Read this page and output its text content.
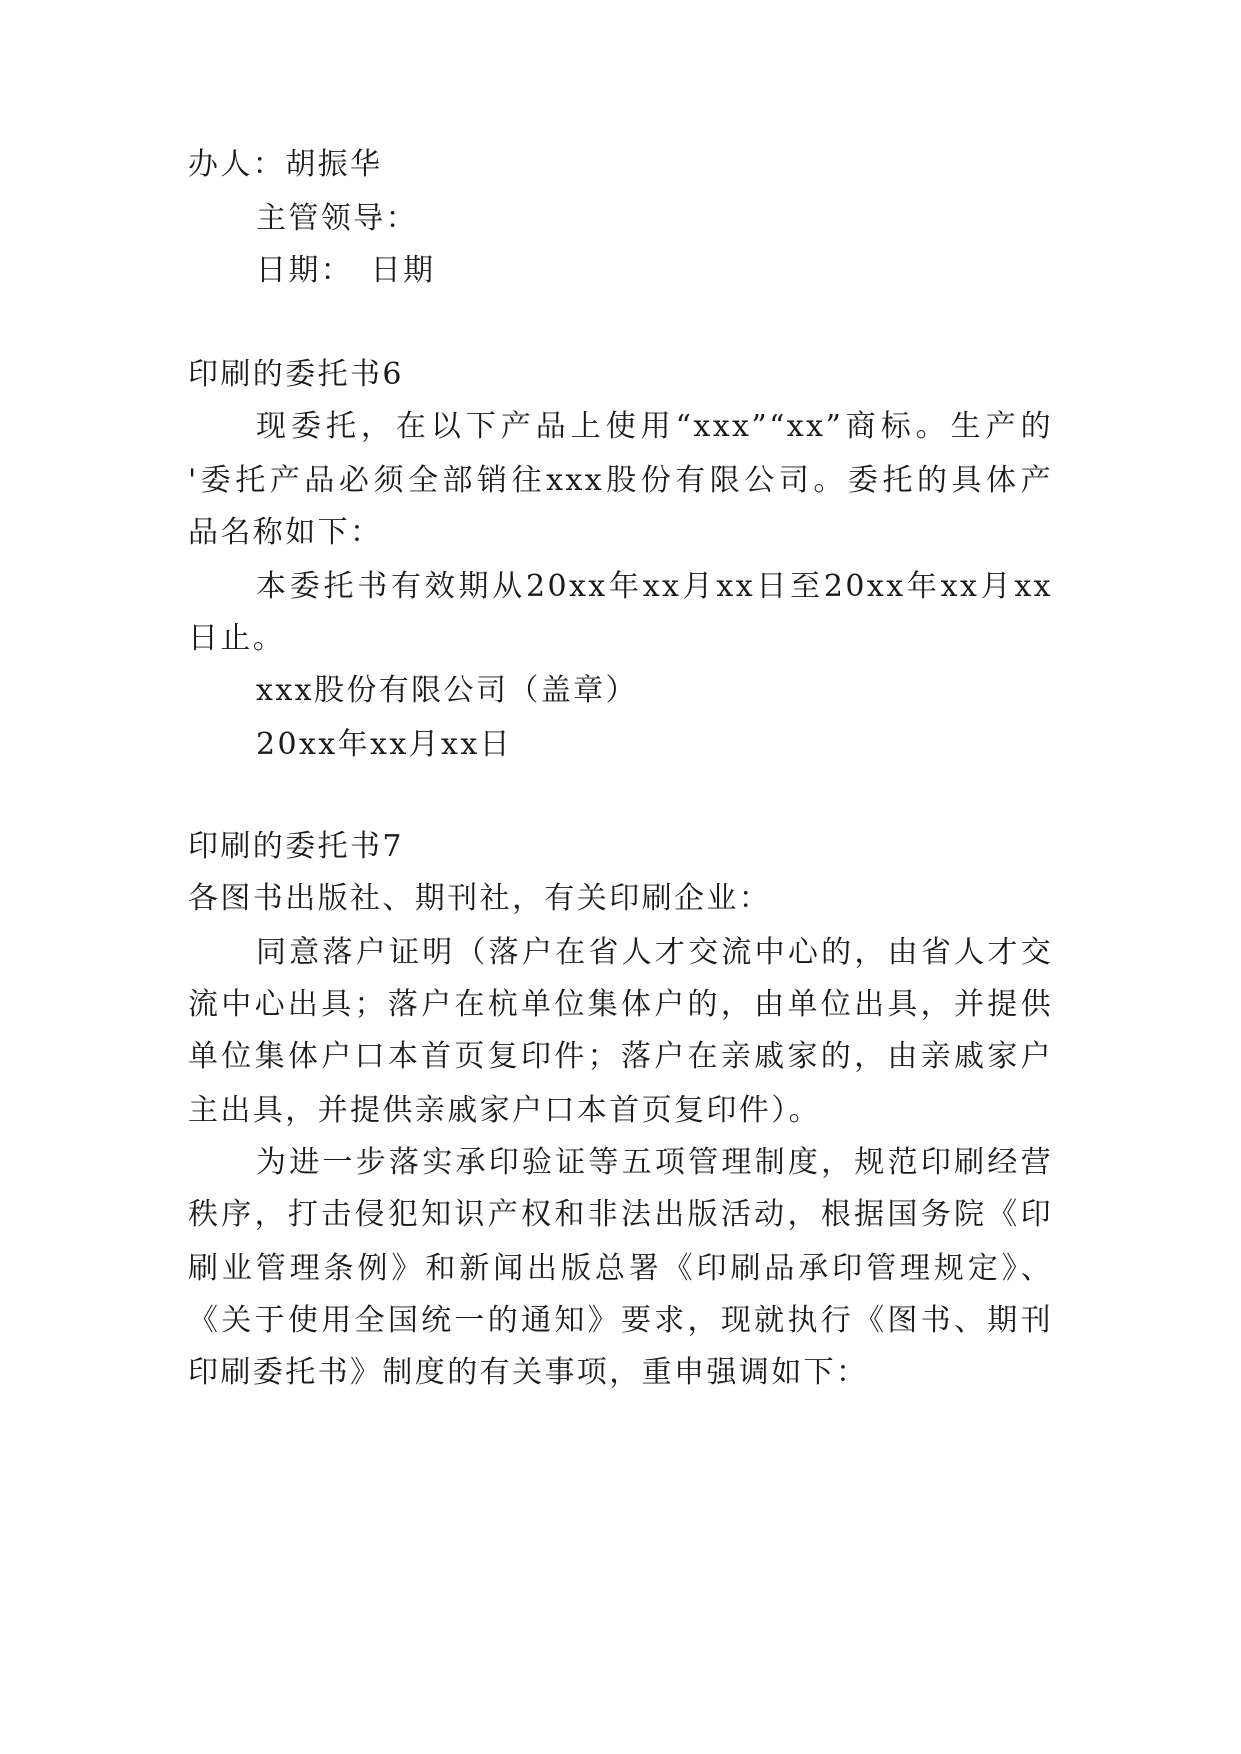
办人：胡振华
主管领导：
日期：　日期
印刷的委托书6
现委托，在以下产品上使用“xxx”“xx”商标。生产的
'委托产品必须全部销往xxx股份有限公司。委托的具体产
品名称如下：
本委托书有效期从20xx年xx月xx日至20xx年xx月xx
日止。
xxx股份有限公司（盖章）
20xx年xx月xx日
印刷的委托书7
各图书出版社、期刊社，有关印刷企业：
同意落户证明（落户在省人才交流中心的，由省人才交
流中心出具；落户在杭单位集体户的，由单位出具，并提供
单位集体户口本首页复印件；落户在亲戚家的，由亲戚家户
主出具，并提供亲戚家户口本首页复印件）。
为进一步落实承印验证等五项管理制度，规范印刷经营
秩序，打击侵犯知识产权和非法出版活动，根据国务院《印
刷业管理条例》和新闻出版总署《印刷品承印管理规定》、
《关于使用全国统一的通知》要求，现就执行《图书、期刊
印刷委托书》制度的有关事项，重申强调如下：
